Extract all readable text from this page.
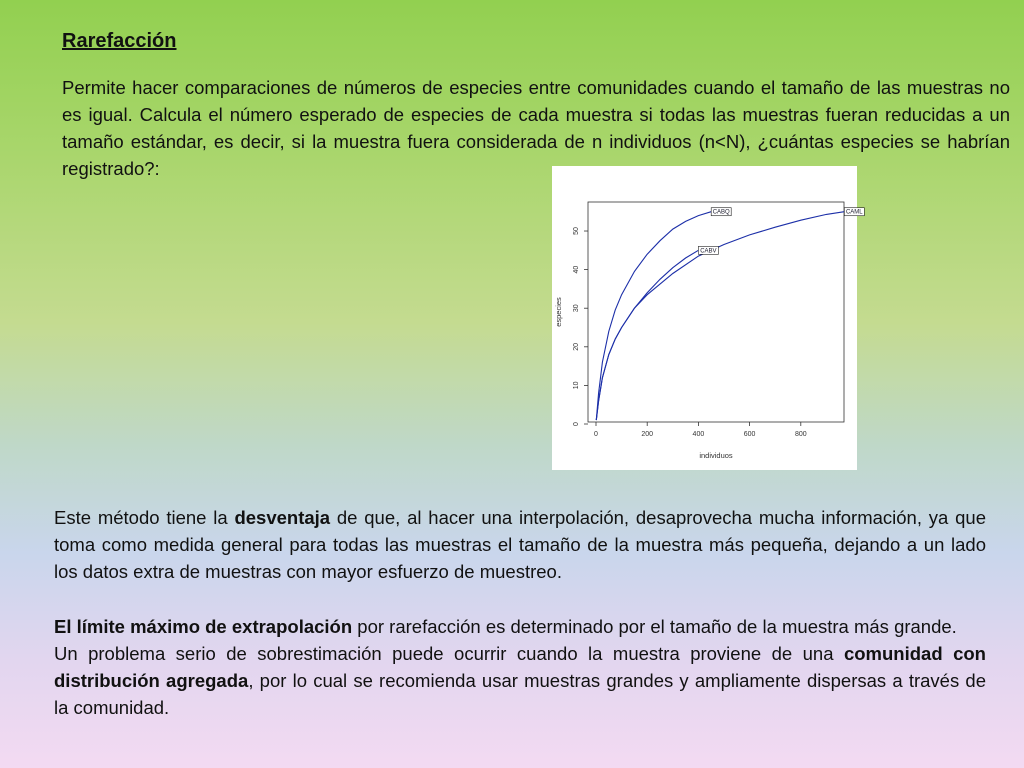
Rarefacción

Permite hacer comparaciones de números de especies entre comunidades cuando el tamaño de las muestras no es igual. Calcula el número esperado de especies de cada muestra si todas las muestras fueran reducidas a un tamaño estándar, es decir, si la muestra fuera considerada de n individuos (n<N), ¿cuántas especies se habrían registrado?:

0	200	400	600	800
0
10
20
30
40
50
individuos
especies
CABQ	CAML
CABV

Este método tiene la desventaja de que, al hacer una interpolación, desaprovecha mucha información, ya que toma como medida general para todas las muestras el tamaño de la muestra más pequeña, dejando a un lado los datos extra de muestras con mayor esfuerzo de muestreo.

El límite máximo de extrapolación por rarefacción es determinado por el tamaño de la muestra más grande.
Un problema serio de sobrestimación puede ocurrir cuando la muestra proviene de una comunidad con distribución agregada, por lo cual se recomienda usar muestras grandes y ampliamente dispersas a través de la comunidad.
